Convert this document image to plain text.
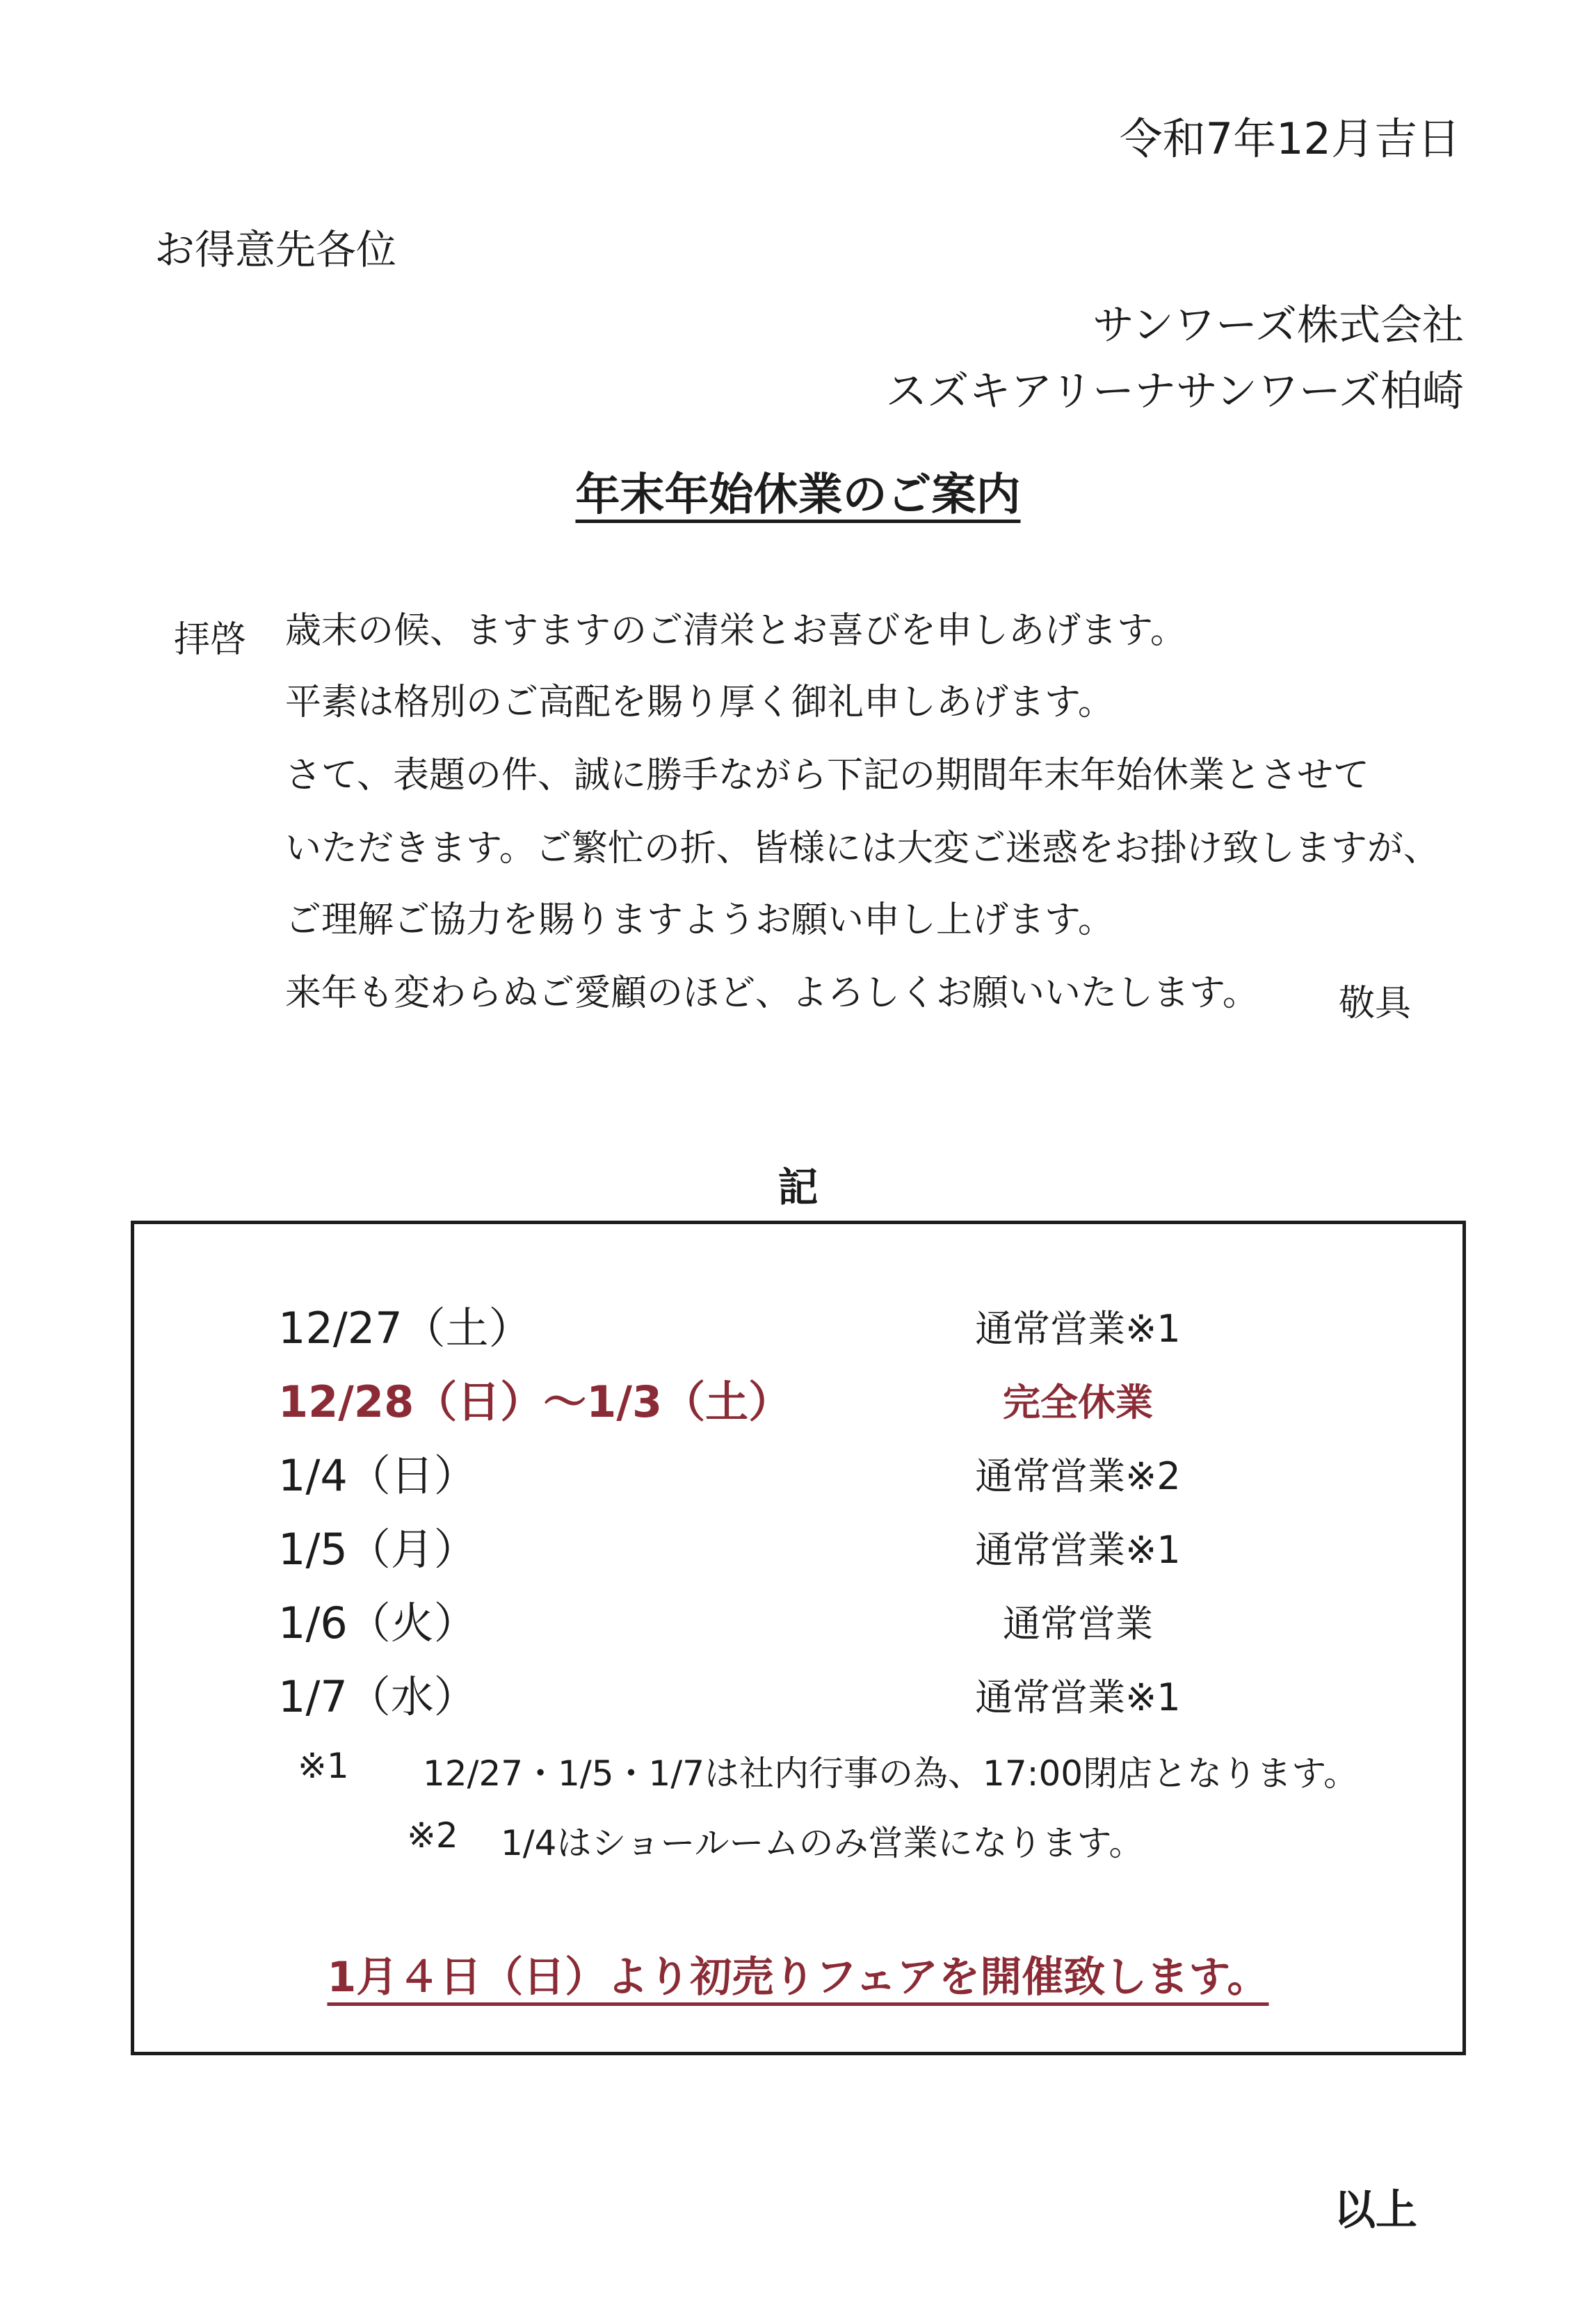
令和7年12月吉日
お得意先各位
サンワーズ株式会社
スズキアリーナサンワーズ柏崎
年末年始休業のご案内
拝啓 歳末の候、ますますのご清栄とお喜びを申しあげます。
平素は格別のご高配を賜り厚く御礼申しあげます。
さて、表題の件、誠に勝手ながら下記の期間年末年始休業とさせて
いただきます。ご繁忙の折、皆様には大変ご迷惑をお掛け致しますが、
ご理解ご協力を賜りますようお願い申し上げます。
来年も変わらぬご愛顧のほど、よろしくお願いいたします。 敬具
記
12/27（土）	通常営業※1
12/28（日）～1/3（土）	完全休業
1/4（日）	通常営業※2
1/5（月）	通常営業※1
1/6（火）	通常営業
1/7（水）	通常営業※1
※1 12/27・1/5・1/7は社内行事の為、17:00閉店となります。
※2 1/4はショールームのみ営業になります。
1月４日（日）より初売りフェアを開催致します。
以上
